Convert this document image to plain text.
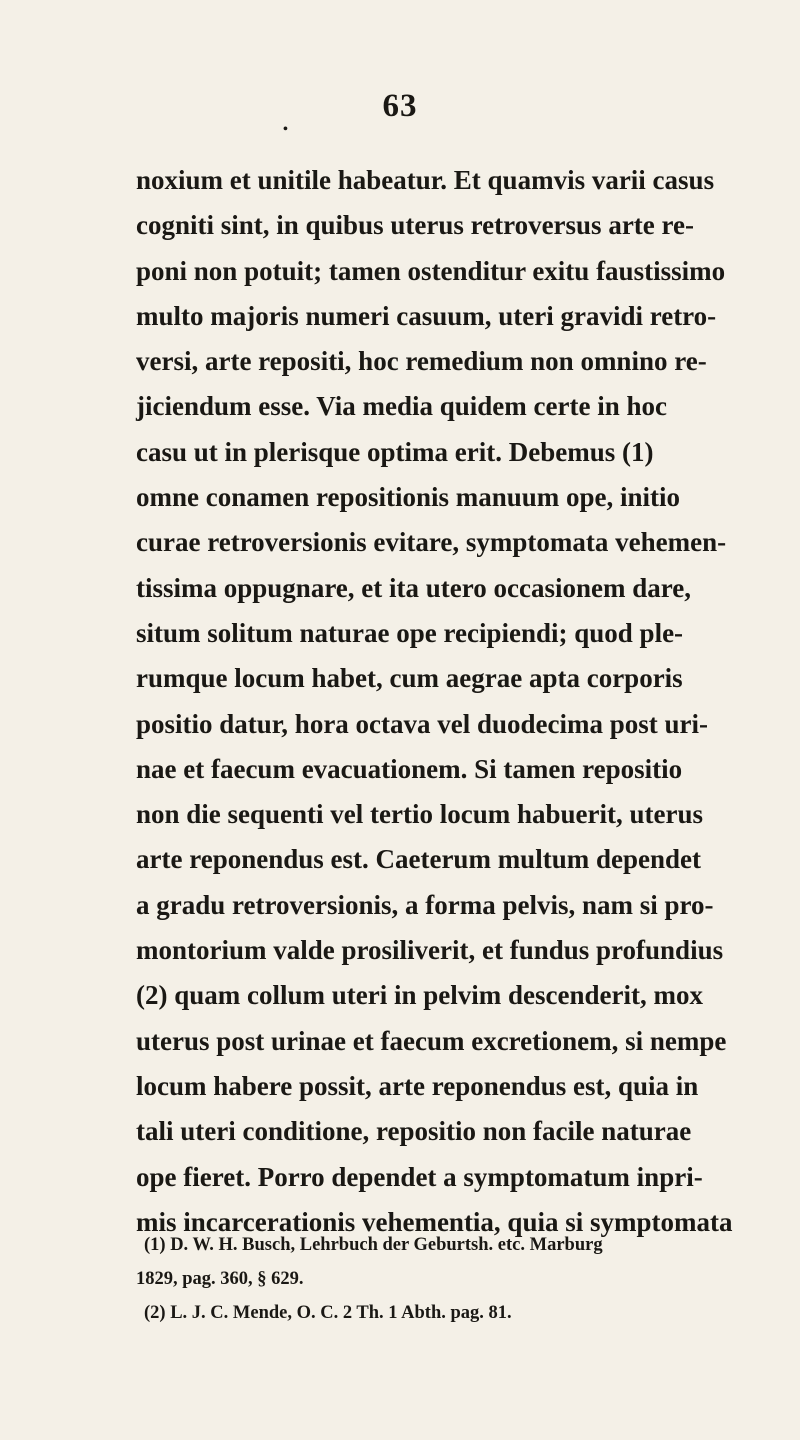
63
•
noxium et unitile habeatur. Et quamvis varii casus
cogniti sint, in quibus uterus retroversus arte re-
poni non potuit; tamen ostenditur exitu faustissimo
multo majoris numeri casuum, uteri gravidi retro-
versi, arte repositi, hoc remedium non omnino re-
jiciendum esse. Via media quidem certe in hoc
casu ut in plerisque optima erit. Debemus (1)
omne conamen repositionis manuum ope, initio
curae retroversionis evitare, symptomata vehemen-
tissima oppugnare, et ita utero occasionem dare,
situm solitum naturae ope recipiendi; quod ple-
rumque locum habet, cum aegrae apta corporis
positio datur, hora octava vel duodecima post uri-
nae et faecum evacuationem. Si tamen repositio
non die sequenti vel tertio locum habuerit, uterus
arte reponendus est. Caeterum multum dependet
a gradu retroversionis, a forma pelvis, nam si pro-
montorium valde prosiliverit, et fundus profundius
(2) quam collum uteri in pelvim descenderit, mox
uterus post urinae et faecum excretionem, si nempe
locum habere possit, arte reponendus est, quia in
tali uteri conditione, repositio non facile naturae
ope fieret. Porro dependet a symptomatum inpri-
mis incarcerationis vehementia, quia si symptomata
(1) D. W. H. Busch, Lehrbuch der Geburtsh. etc. Marburg
1829, pag. 360, § 629.
(2) L. J. C. Mende, O. C. 2 Th. 1 Abth. pag. 81.
